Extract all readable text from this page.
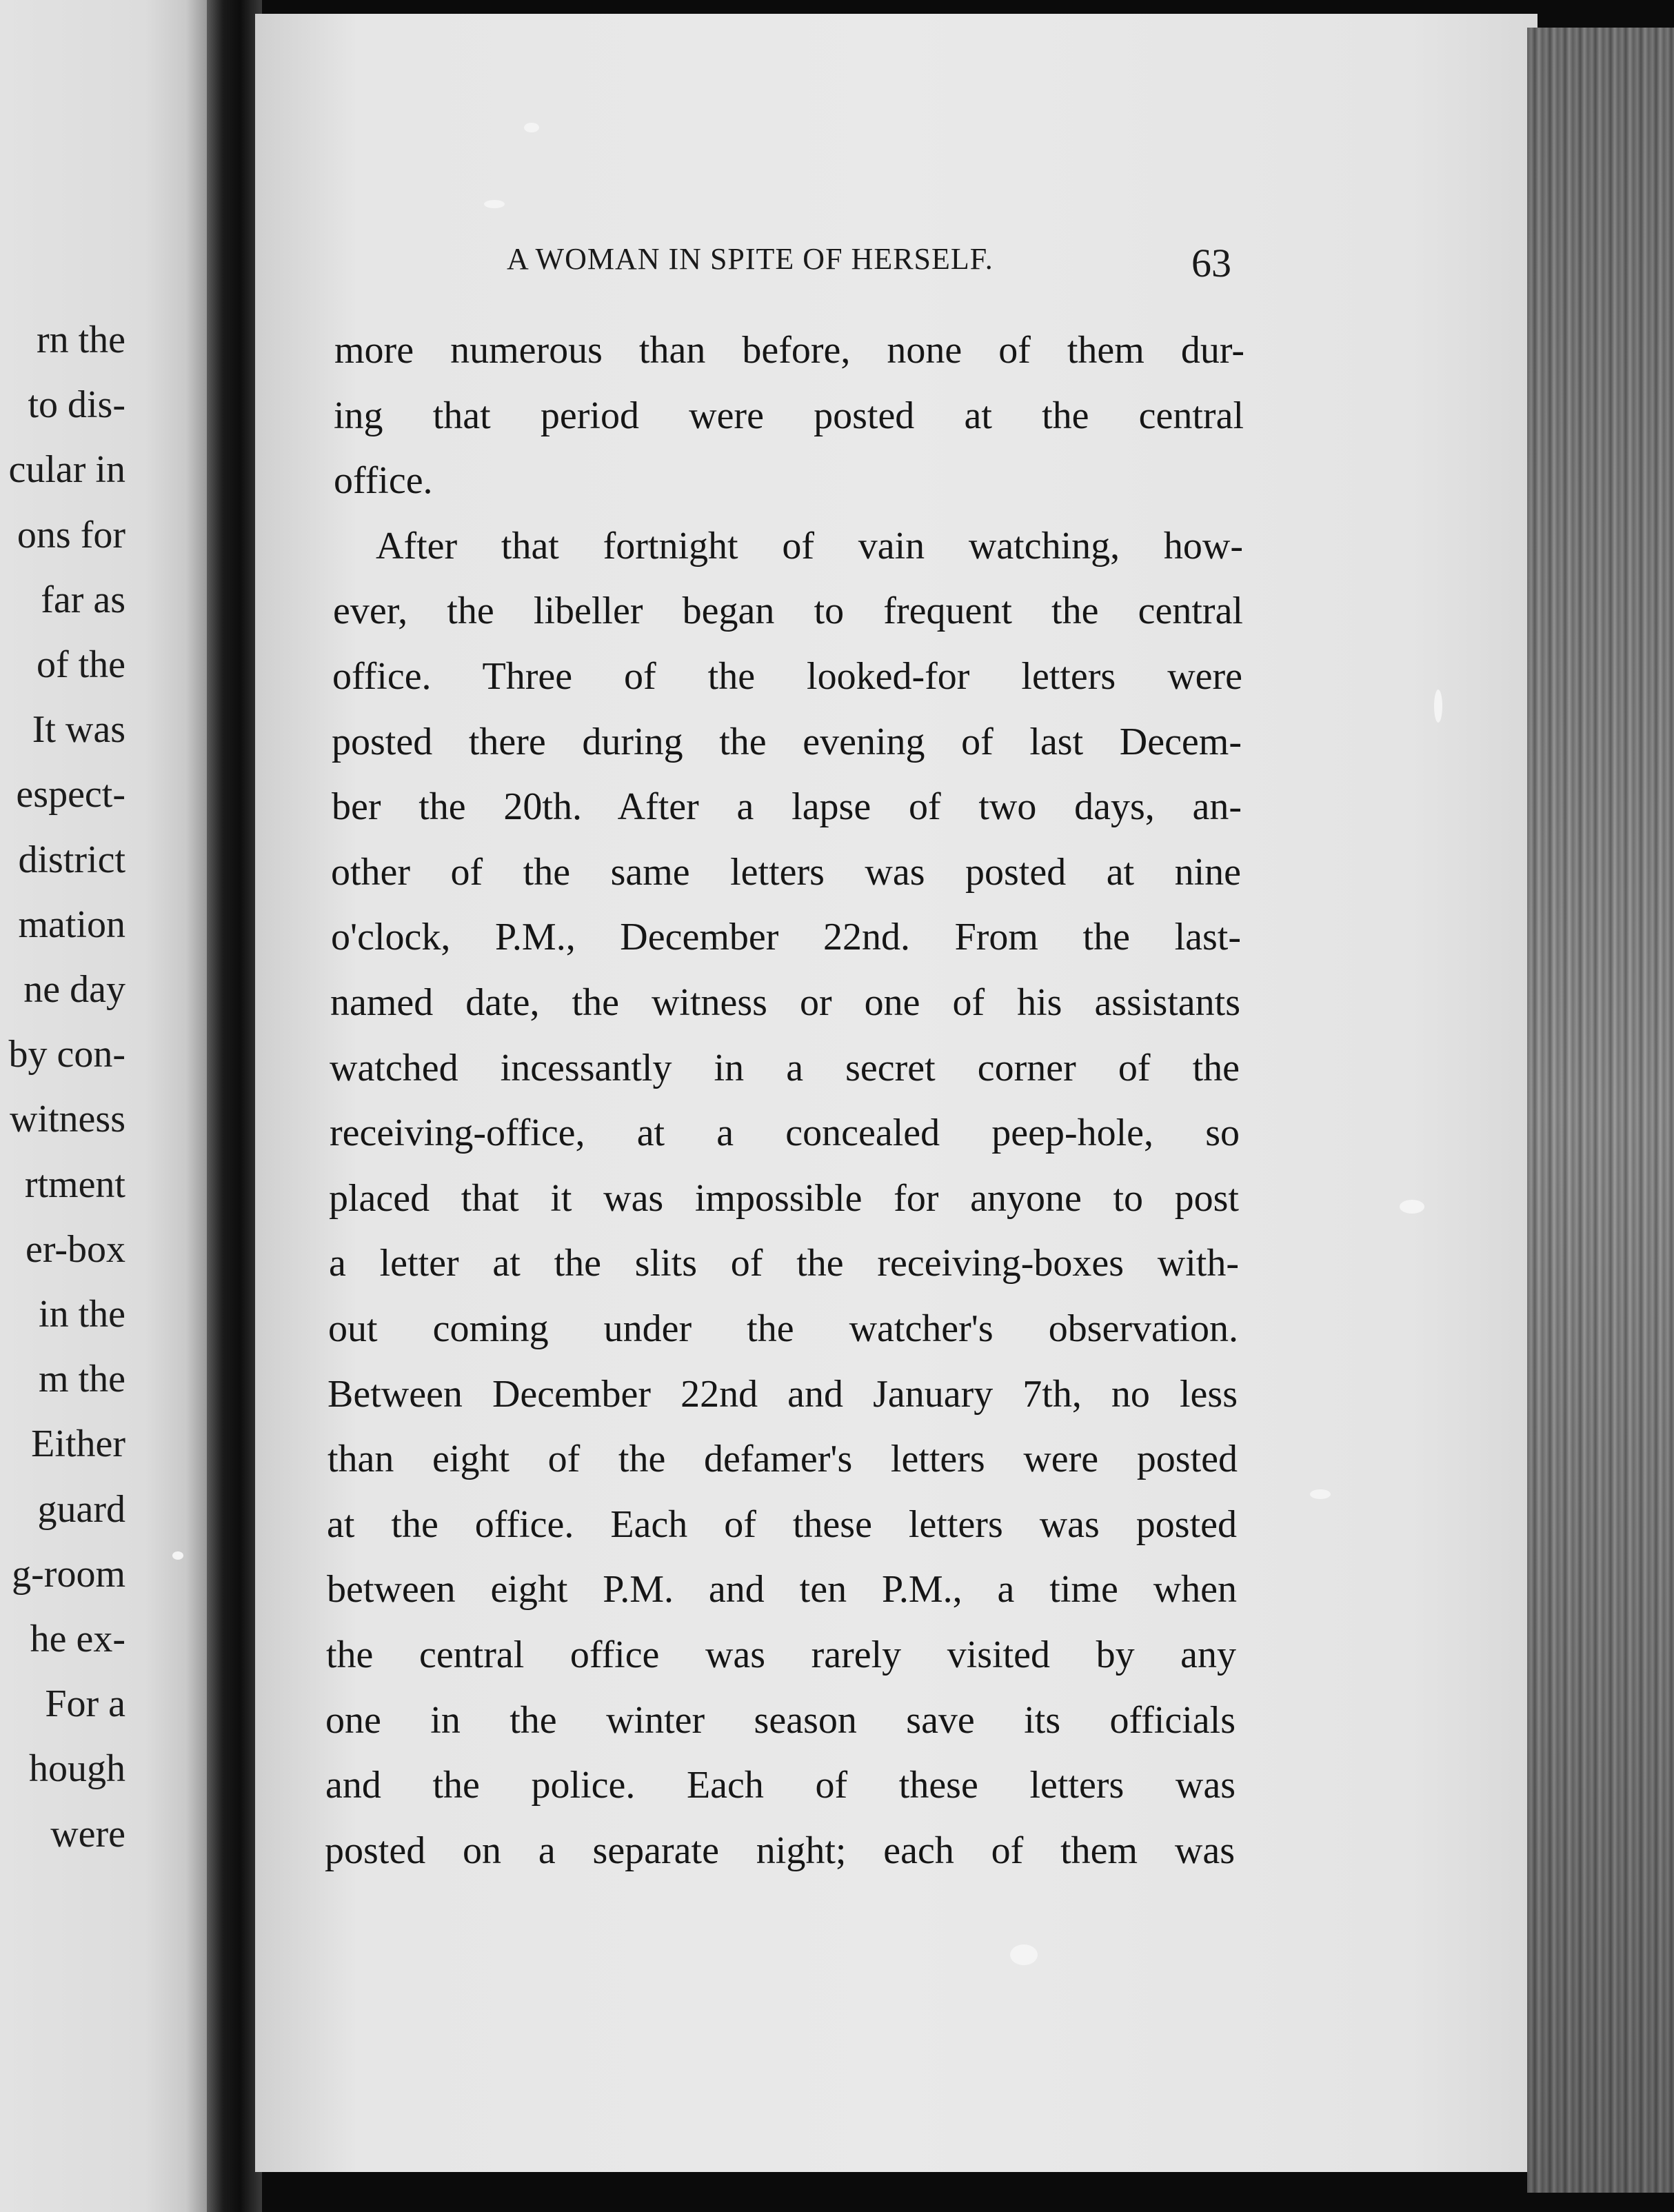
rn the
to dis-
cular in
ons for
far as
of the
It was
espect-
district
mation
ne day
by con-
witness
rtment
er-box
in the
m the
Either
guard
g-room
he ex-
For a
hough
were
A WOMAN IN SPITE OF HERSELF.	63
more numerous than before, none of them dur-
ing that period were posted at the central
office.
After that fortnight of vain watching, how-
ever, the libeller began to frequent the central
office. Three of the looked-for letters were
posted there during the evening of last Decem-
ber the 20th. After a lapse of two days, an-
other of the same letters was posted at nine
o'clock, P.M., December 22nd. From the last-
named date, the witness or one of his assistants
watched incessantly in a secret corner of the
receiving-office, at a concealed peep-hole, so
placed that it was impossible for anyone to post
a letter at the slits of the receiving-boxes with-
out coming under the watcher's observation.
Between December 22nd and January 7th, no less
than eight of the defamer's letters were posted
at the office. Each of these letters was posted
between eight P.M. and ten P.M., a time when
the central office was rarely visited by any
one in the winter season save its officials
and the police. Each of these letters was
posted on a separate night; each of them was
